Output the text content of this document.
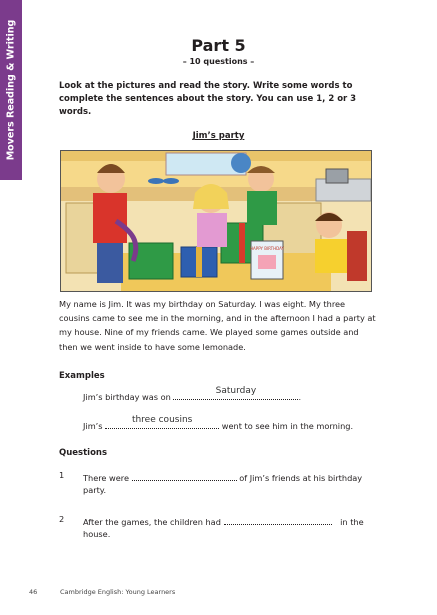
Movers Reading & Writing	Part 5
– 10 questions –
Look at the pictures and read the story. Write some words to complete the sentences about the story. You can use 1, 2 or 3 words.
Jim’s party
HAPPY BIRTHDAY
My name is Jim. It was my birthday on Saturday. I was eight. My three cousins came to see me in the morning, and in the afternoon I had a party at my house. Nine of my friends came. We played some games outside and then we went inside to have some lemonade.
Examples
Jim’s birthday was on
Saturday
.
Jim’s
three cousins
went to see him in the morning.
Questions
1 There were	of Jim’s friends at his birthday
party.
2 After the games, the children had	in the
house.
46	Cambridge English: Young Learners
